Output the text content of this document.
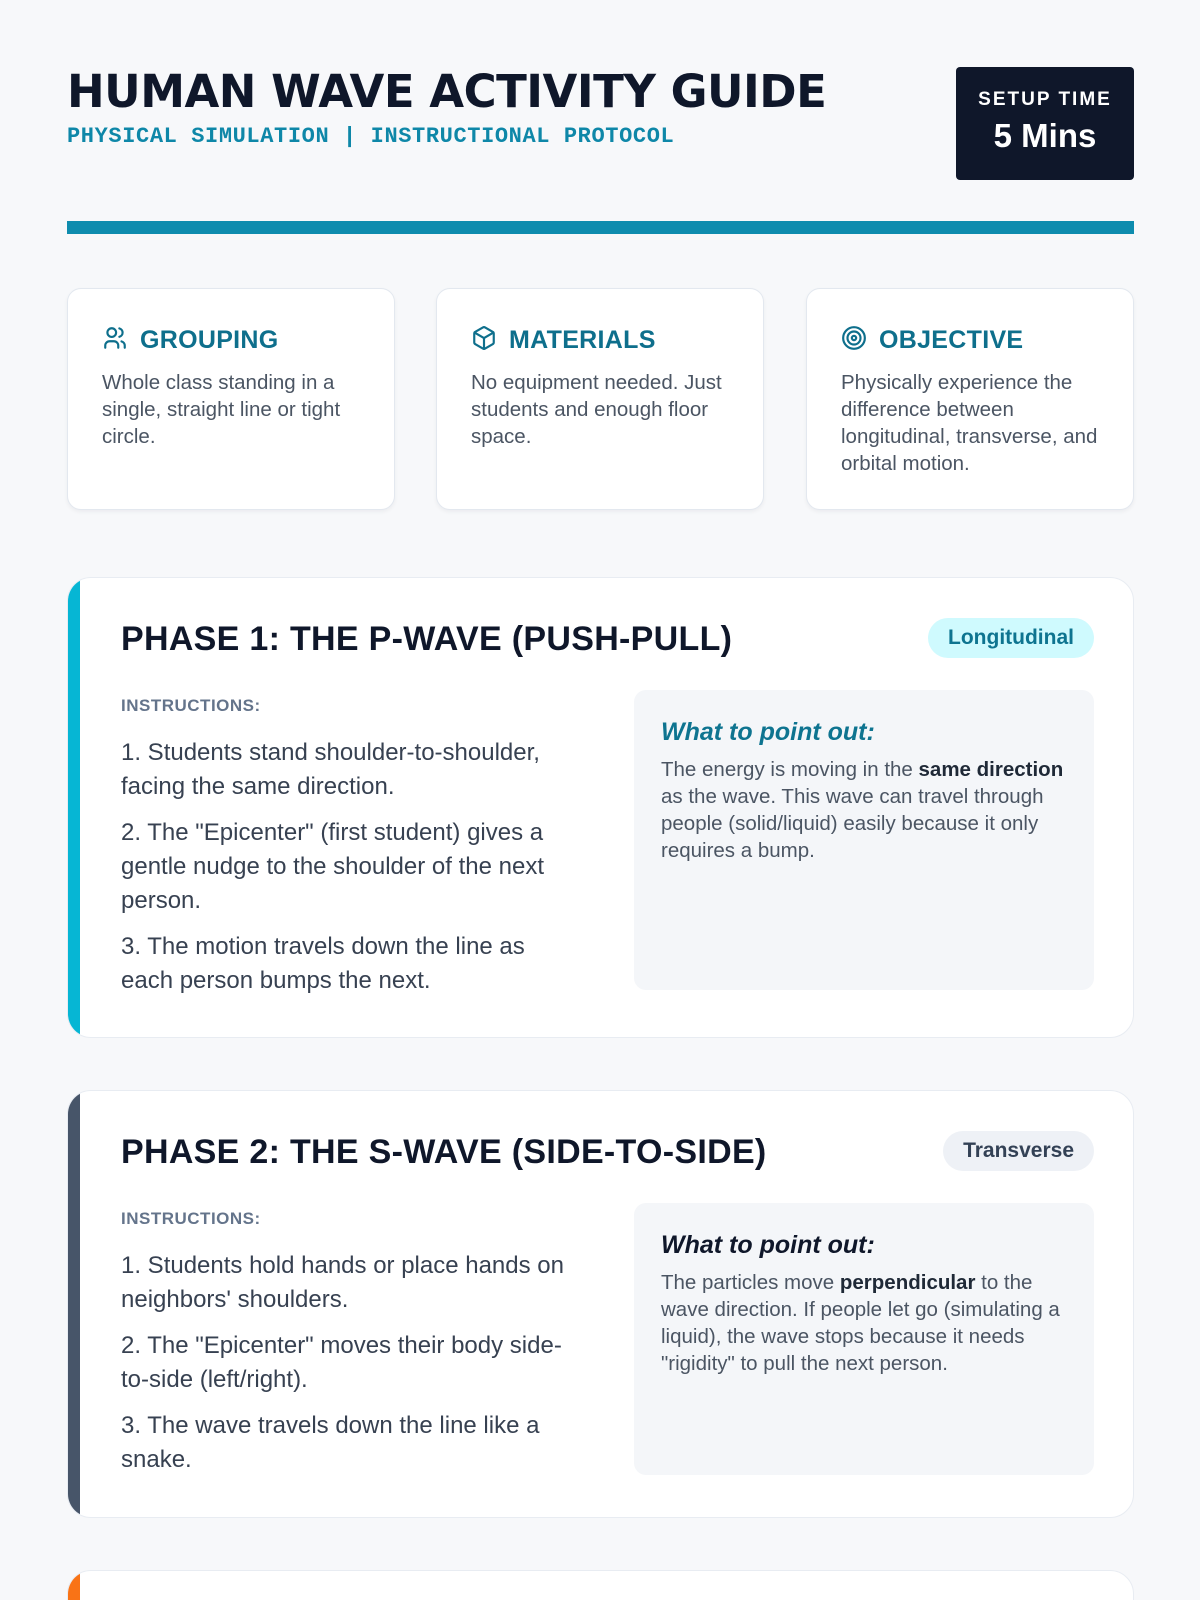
HUMAN WAVE ACTIVITY GUIDE
PHYSICAL SIMULATION | INSTRUCTIONAL PROTOCOL
SETUP TIME
5 Mins
GROUPING
Whole class standing in a single, straight line or tight circle.
MATERIALS
No equipment needed. Just students and enough floor space.
OBJECTIVE
Physically experience the difference between longitudinal, transverse, and orbital motion.
PHASE 1: THE P-WAVE (PUSH-PULL)	Longitudinal
INSTRUCTIONS:

1. Students stand shoulder-to-shoulder, facing the same direction.

2. The "Epicenter" (first student) gives a gentle nudge to the shoulder of the next person.

3. The motion travels down the line as each person bumps the next.

What to point out:
The energy is moving in the same direction as the wave. This wave can travel through people (solid/liquid) easily because it only requires a bump.
PHASE 2: THE S-WAVE (SIDE-TO-SIDE)	Transverse
INSTRUCTIONS:

1. Students hold hands or place hands on neighbors' shoulders.

2. The "Epicenter" moves their body side-to-side (left/right).

3. The wave travels down the line like a snake.

What to point out:
The particles move perpendicular to the wave direction. If people let go (simulating a liquid), the wave stops because it needs "rigidity" to pull the next person.
